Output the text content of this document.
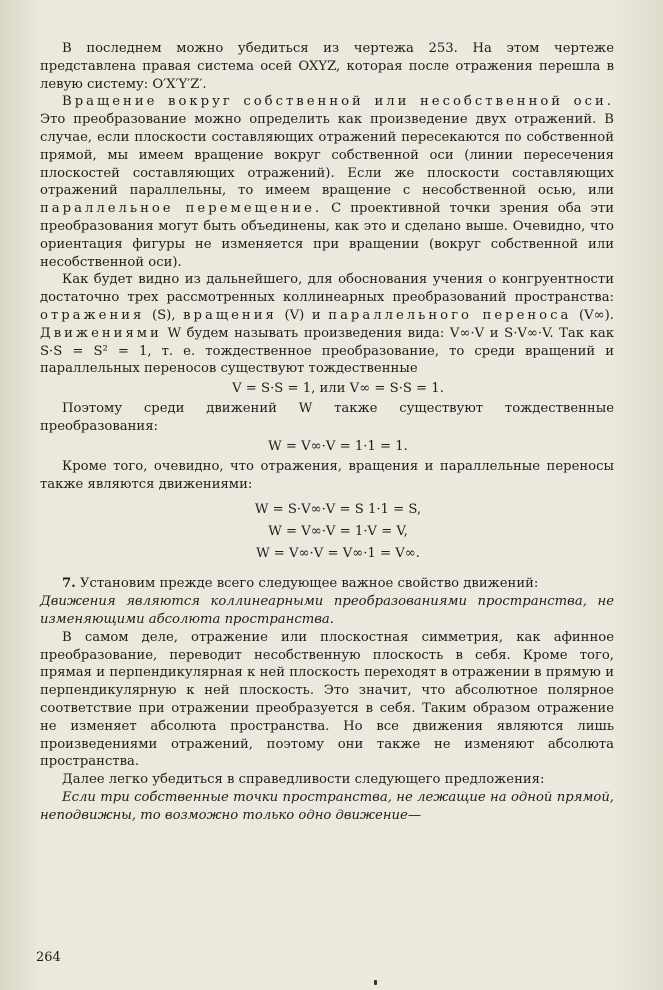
В последнем можно убедиться из чертежа 253. На этом чертеже представлена правая система осей OXYZ, которая после отражения перешла в левую систему: O′X′Y′Z′.

Вращение вокруг собственной или несобственной оси. Это преобразование можно определить как произведение двух отражений. В случае, если плоскости составляющих отражений пересекаются по собственной прямой, мы имеем вращение вокруг собственной оси (линии пересечения плоскостей составляющих отражений). Если же плоскости составляющих отражений параллельны, то имеем вращение с несобственной осью, или параллельное перемещение. С проективной точки зрения оба эти преобразования могут быть объединены, как это и сделано выше. Очевидно, что ориентация фигуры не изменяется при вращении (вокруг собственной или несобственной оси).

Как будет видно из дальнейшего, для обоснования учения о конгруентности достаточно трех рассмотренных коллинеарных преобразований пространства: отражения (S), вращения (V) и параллельного переноса (V∞). Движениями W будем называть произведения вида: V∞·V и S·V∞·V. Так как S·S = S² = 1, т. е. тождественное преобразование, то среди вращений и параллельных переносов существуют тождественные

V = S·S = 1, или V∞ = S·S = 1.

Поэтому среди движений W также существуют тождественные преобразования:

W = V∞·V = 1·1 = 1.

Кроме того, очевидно, что отражения, вращения и параллельные переносы также являются движениями:

W = S·V∞·V = S 1·1 = S,

W = V∞·V = 1·V = V,

W = V∞·V = V∞·1 = V∞.

7. Установим прежде всего следующее важное свойство движений:

Движения являются коллинеарными преобразованиями пространства, не изменяющими абсолюта пространства.

В самом деле, отражение или плоскостная симметрия, как афинное преобразование, переводит несобственную плоскость в себя. Кроме того, прямая и перпендикулярная к ней плоскость переходят в отражении в прямую и перпендикулярную к ней плоскость. Это значит, что абсолютное полярное соответствие при отражении преобразуется в себя. Таким образом отражение не изменяет абсолюта пространства. Но все движения являются лишь произведениями отражений, поэтому они также не изменяют абсолюта пространства.

Далее легко убедиться в справедливости следующего предложения:

Если три собственные точки пространства, не лежащие на одной прямой, неподвижны, то возможно только одно движение—

264
